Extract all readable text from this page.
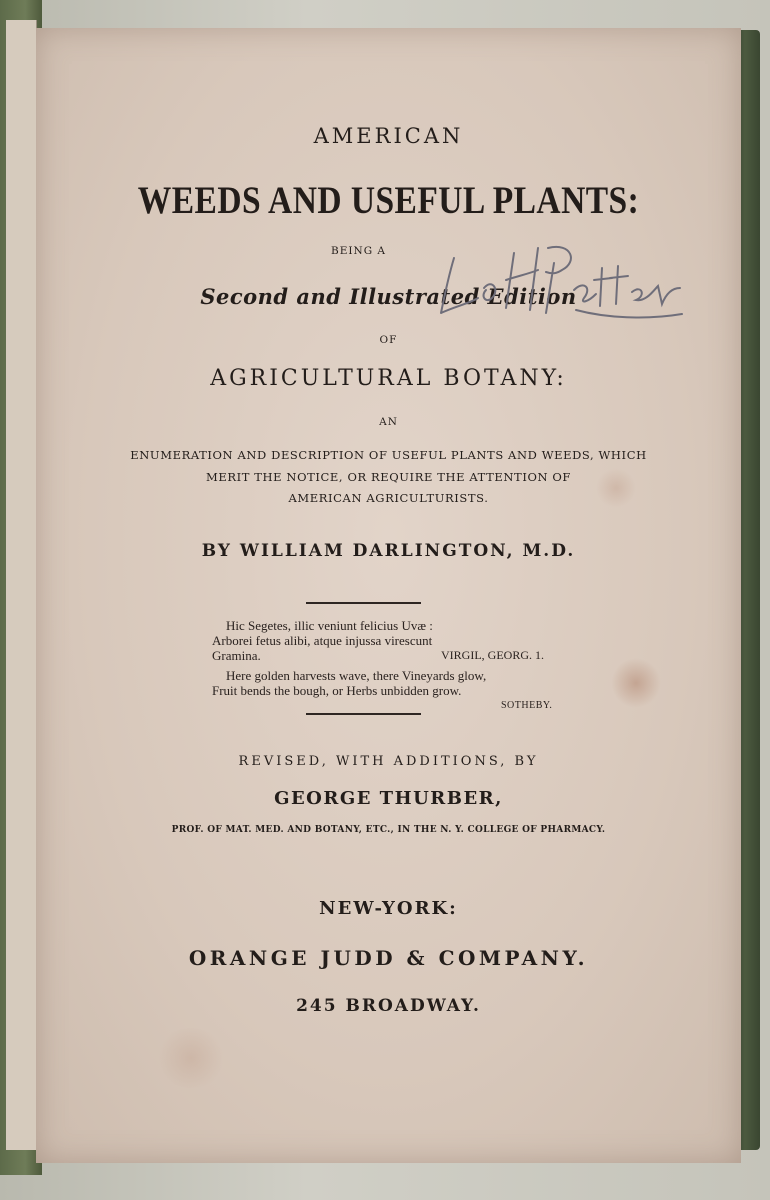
AMERICAN
WEEDS AND USEFUL PLANTS:
BEING A
Second and Illustrated Edition
OF
AGRICULTURAL BOTANY:
AN
ENUMERATION AND DESCRIPTION OF USEFUL PLANTS AND WEEDS, WHICH
MERIT THE NOTICE, OR REQUIRE THE ATTENTION OF
AMERICAN AGRICULTURISTS.
BY WILLIAM DARLINGTON, M.D.
Hic Segetes, illic veniunt felicius Uvæ :
Arborei fetus alibi, atque injussa virescunt
Gramina.	VIRGIL, GEORG. 1.
Here golden harvests wave, there Vineyards glow,
Fruit bends the bough, or Herbs unbidden grow.
SOTHEBY.
REVISED, WITH ADDITIONS, BY
GEORGE THURBER,
PROF. OF MAT. MED. AND BOTANY, ETC., IN THE N. Y. COLLEGE OF PHARMACY.
NEW-YORK:
ORANGE JUDD & COMPANY.
245 BROADWAY.
